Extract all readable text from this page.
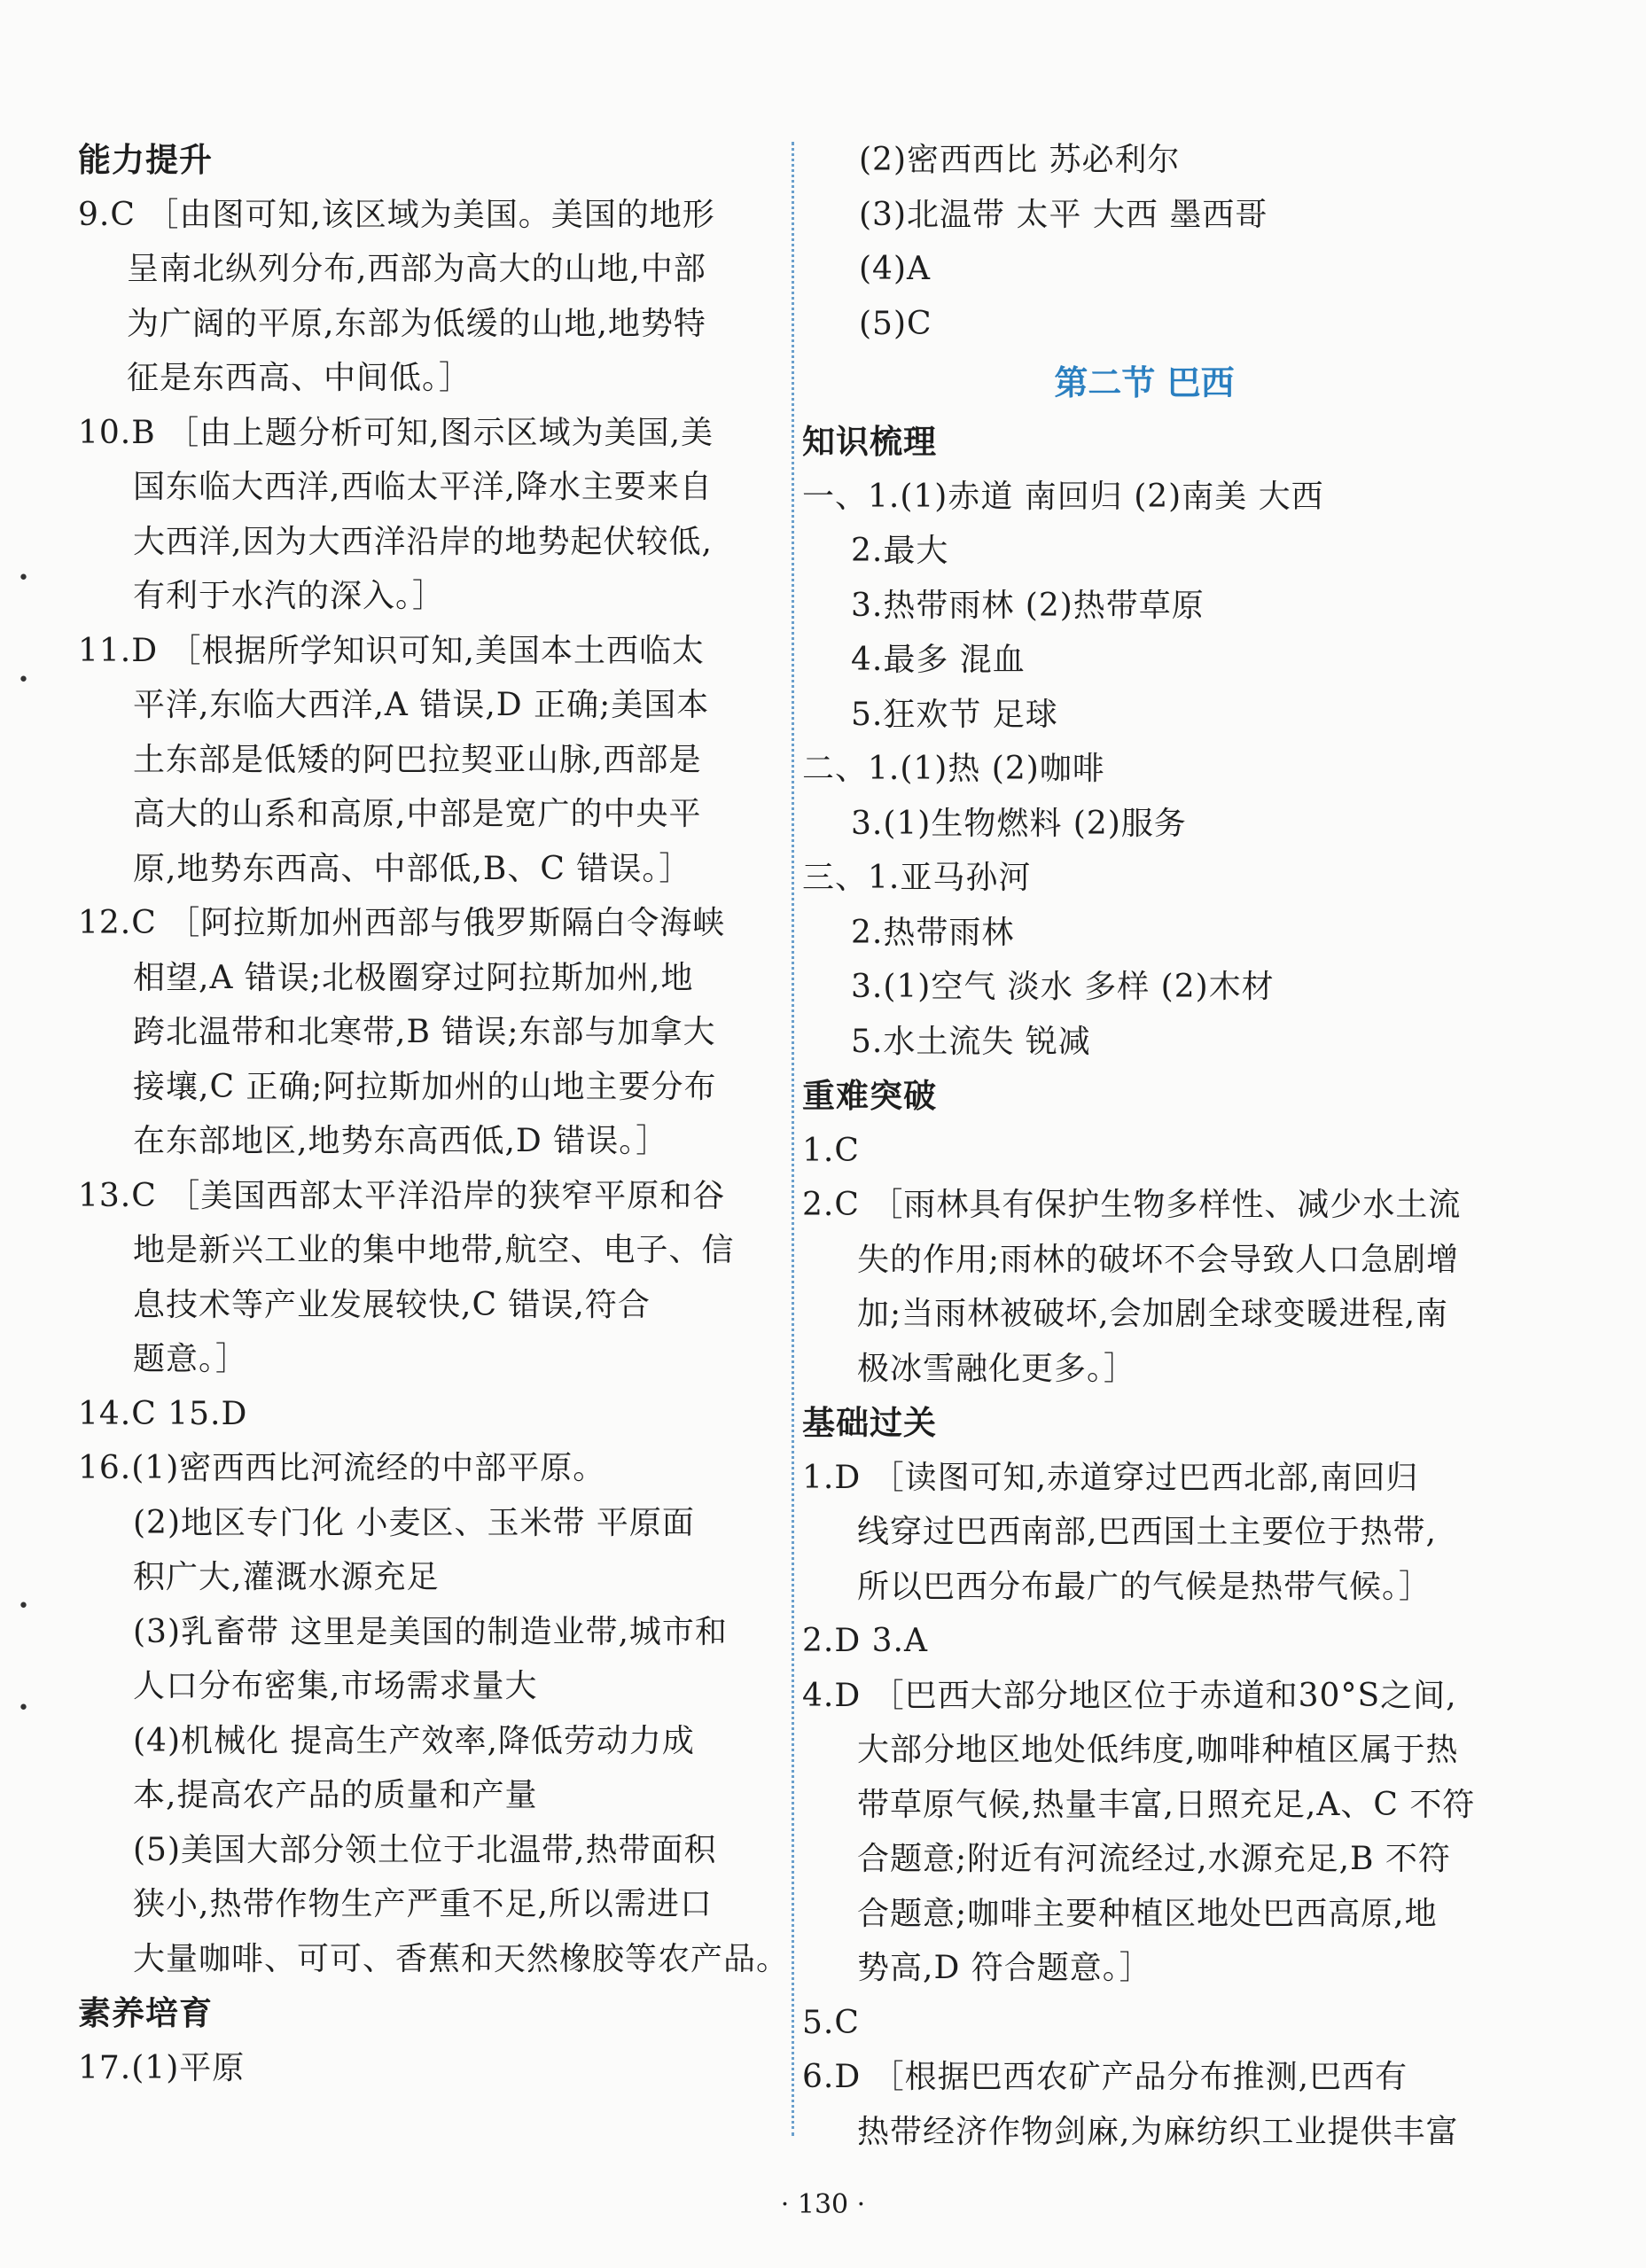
•
•
•
•
能力提升
9.C ［由图可知,该区域为美国。美国的地形
呈南北纵列分布,西部为高大的山地,中部
为广阔的平原,东部为低缓的山地,地势特
征是东西高、中间低。］
10.B ［由上题分析可知,图示区域为美国,美
国东临大西洋,西临太平洋,降水主要来自
大西洋,因为大西洋沿岸的地势起伏较低,
有利于水汽的深入。］
11.D ［根据所学知识可知,美国本土西临太
平洋,东临大西洋,A 错误,D 正确;美国本
土东部是低矮的阿巴拉契亚山脉,西部是
高大的山系和高原,中部是宽广的中央平
原,地势东西高、中部低,B、C 错误。］
12.C ［阿拉斯加州西部与俄罗斯隔白令海峡
相望,A 错误;北极圈穿过阿拉斯加州,地
跨北温带和北寒带,B 错误;东部与加拿大
接壤,C 正确;阿拉斯加州的山地主要分布
在东部地区,地势东高西低,D 错误。］
13.C ［美国西部太平洋沿岸的狭窄平原和谷
地是新兴工业的集中地带,航空、电子、信
息技术等产业发展较快,C 错误,符合
题意。］
14.C 15.D
16.(1)密西西比河流经的中部平原。
(2)地区专门化 小麦区、玉米带 平原面
积广大,灌溉水源充足
(3)乳畜带 这里是美国的制造业带,城市和
人口分布密集,市场需求量大
(4)机械化 提高生产效率,降低劳动力成
本,提高农产品的质量和产量
(5)美国大部分领土位于北温带,热带面积
狭小,热带作物生产严重不足,所以需进口
大量咖啡、可可、香蕉和天然橡胶等农产品。
素养培育
17.(1)平原
(2)密西西比 苏必利尔
(3)北温带 太平 大西 墨西哥
(4)A
(5)C
第二节 巴西
知识梳理
一、1.(1)赤道 南回归 (2)南美 大西
2.最大
3.热带雨林 (2)热带草原
4.最多 混血
5.狂欢节 足球
二、1.(1)热 (2)咖啡
3.(1)生物燃料 (2)服务
三、1.亚马孙河
2.热带雨林
3.(1)空气 淡水 多样 (2)木材
5.水土流失 锐减
重难突破
1.C
2.C ［雨林具有保护生物多样性、减少水土流
失的作用;雨林的破坏不会导致人口急剧增
加;当雨林被破坏,会加剧全球变暖进程,南
极冰雪融化更多。］
基础过关
1.D ［读图可知,赤道穿过巴西北部,南回归
线穿过巴西南部,巴西国土主要位于热带,
所以巴西分布最广的气候是热带气候。］
2.D 3.A
4.D ［巴西大部分地区位于赤道和30°S之间,
大部分地区地处低纬度,咖啡种植区属于热
带草原气候,热量丰富,日照充足,A、C 不符
合题意;附近有河流经过,水源充足,B 不符
合题意;咖啡主要种植区地处巴西高原,地
势高,D 符合题意。］
5.C
6.D ［根据巴西农矿产品分布推测,巴西有
热带经济作物剑麻,为麻纺织工业提供丰富
· 130 ·
